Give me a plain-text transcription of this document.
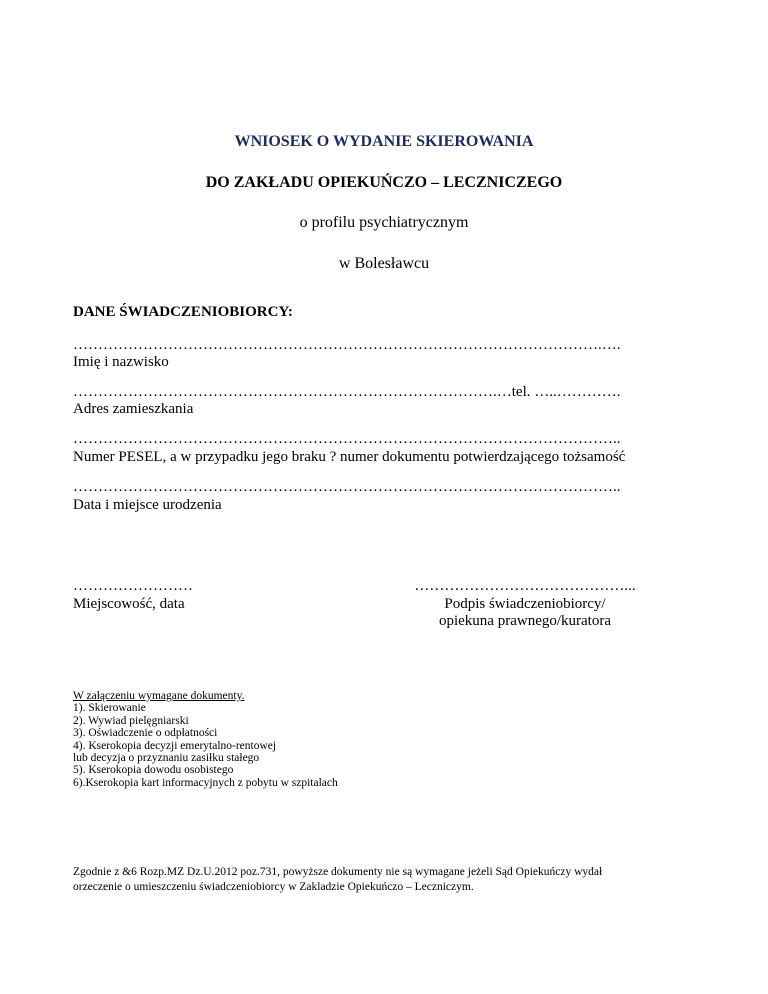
WNIOSEK O WYDANIE SKIEROWANIA
DO ZAKŁADU OPIEKUŃCZO – LECZNICZEGO
o profilu psychiatrycznym
w Bolesławcu
DANE ŚWIADCZENIOBIORCY:
…………………………………………………………………………………………….….
Imię i nazwisko
………………………………………………………………………….…tel. …..………….
Adres zamieszkania
………………………………………………………………………………………………..
Numer PESEL, a w przypadku jego braku ? numer dokumentu potwierdzającego tożsamość
………………………………………………………………………………………………..
Data i miejsce urodzenia
……………………
Miejscowość, data
……………………………………...
Podpis świadczeniobiorcy/
opiekuna prawnego/kuratora
W załączeniu wymagane dokumenty.
1). Skierowanie
2). Wywiad pielęgniarski
3). Oświadczenie o odpłatności
4). Kserokopia decyzji emerytalno-rentowej
lub decyzja o przyznaniu zasiłku stałego
5). Kserokopia dowodu osobistego
6).Kserokopia kart informacyjnych z pobytu w szpitalach
Zgodnie z &6 Rozp.MZ Dz.U.2012 poz.731, powyższe dokumenty nie są wymagane jeżeli Sąd Opiekuńczy wydał
orzeczenie o umieszczeniu świadczeniobiorcy w Zakladzie Opiekuńczo – Leczniczym.
